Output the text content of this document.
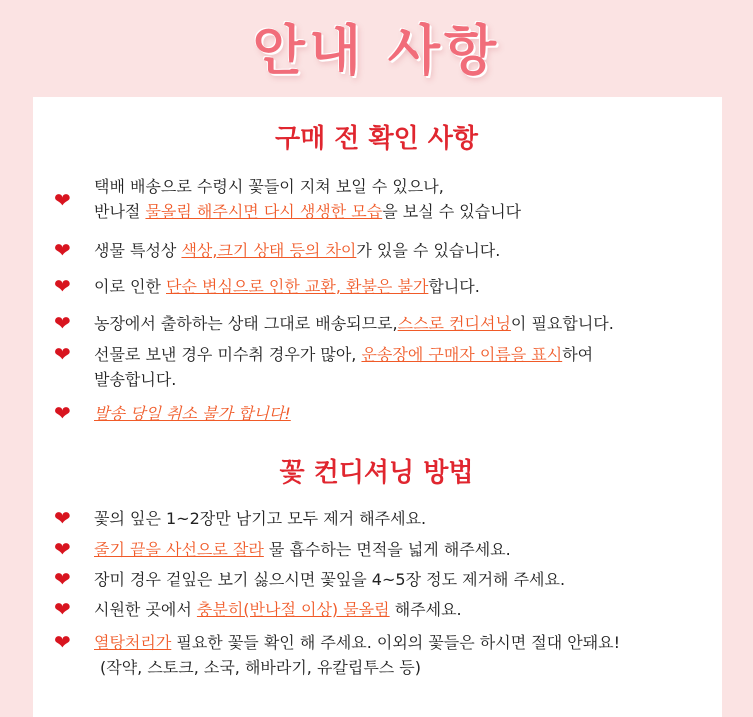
안내 사항
구매 전 확인 사항
❤
택배 배송으로 수령시 꽃들이 지쳐 보일 수 있으나,
반나절 물올림 해주시면 다시 생생한 모습을 보실 수 있습니다
❤ 생물 특성상 색상,크기 상태 등의 차이가 있을 수 있습니다.
❤ 이로 인한 단순 변심으로 인한 교환, 환불은 불가합니다.
❤ 농장에서 출하하는 상태 그대로 배송되므로,스스로 컨디셔닝이 필요합니다.
❤ 선물로 보낸 경우 미수취 경우가 많아, 운송장에 구매자 이름을 표시하여
발송합니다.
❤ 발송 당일 취소 불가 합니다!
꽃 컨디셔닝 방법
❤ 꽃의 잎은 1~2장만 남기고 모두 제거 해주세요.
❤ 줄기 끝을 사선으로 잘라 물 흡수하는 면적을 넓게 해주세요.
❤ 장미 경우 겉잎은 보기 싫으시면 꽃잎을 4~5장 정도 제거해 주세요.
❤ 시원한 곳에서 충분히(반나절 이상) 물올림 해주세요.
❤ 열탕처리가 필요한 꽃들 확인 해 주세요. 이외의 꽃들은 하시면 절대 안돼요!
(작약, 스토크, 소국, 해바라기, 유칼립투스 등)
